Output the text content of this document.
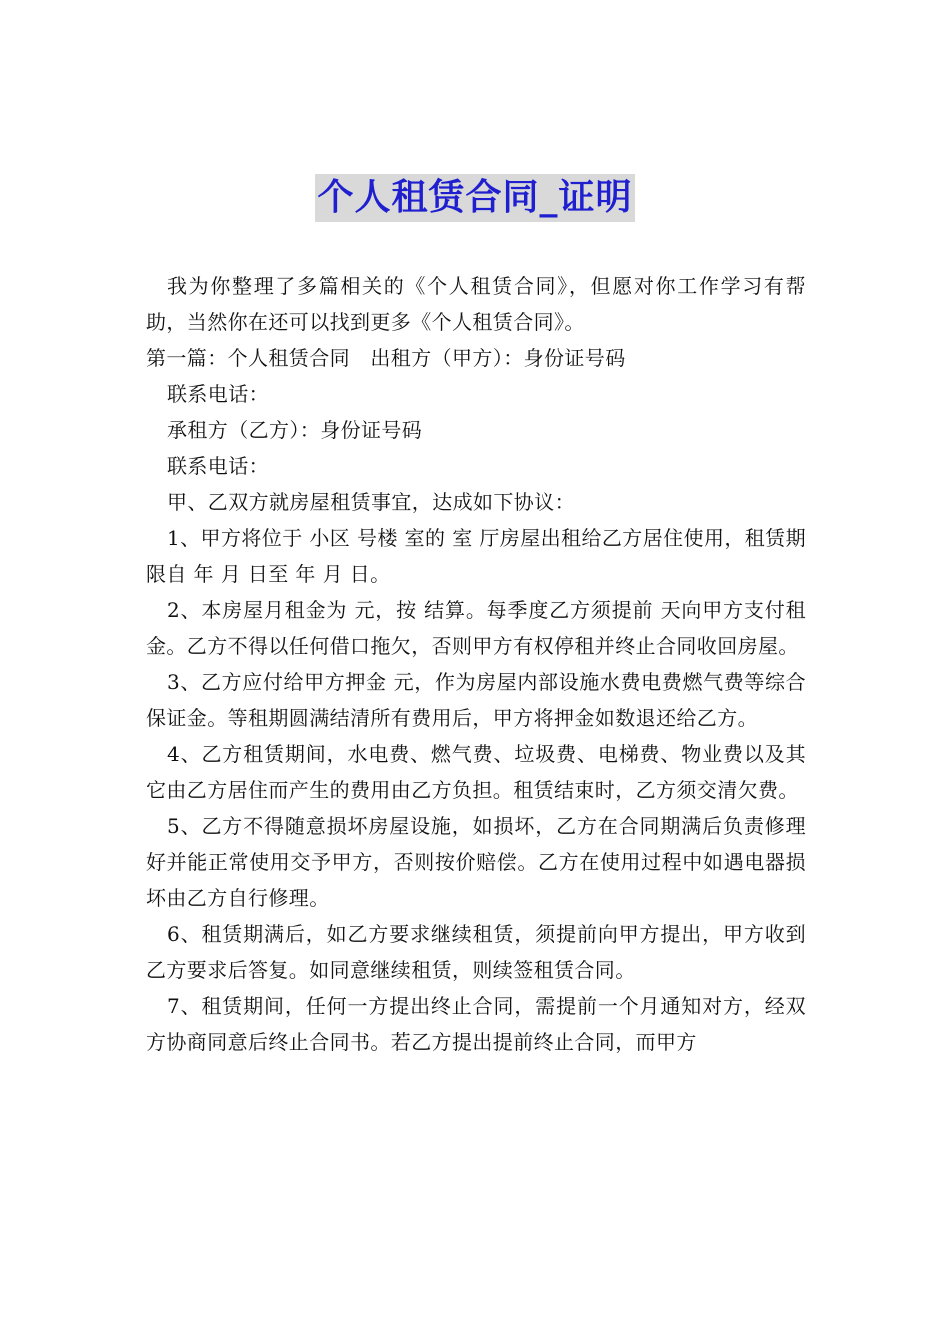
个人租赁合同_证明

我为你整理了多篇相关的《个人租赁合同》，但愿对你工作学习有帮助，当然你在还可以找到更多《个人租赁合同》。

第一篇：个人租赁合同　出租方（甲方）：身份证号码

联系电话：

承租方（乙方）：身份证号码

联系电话：

甲、乙双方就房屋租赁事宜，达成如下协议：

1、甲方将位于 小区 号楼 室的 室 厅房屋出租给乙方居住使用，租赁期限自 年 月 日至 年 月 日。

2、本房屋月租金为 元，按 结算。每季度乙方须提前 天向甲方支付租金。乙方不得以任何借口拖欠，否则甲方有权停租并终止合同收回房屋。

3、乙方应付给甲方押金 元，作为房屋内部设施水费电费燃气费等综合保证金。等租期圆满结清所有费用后，甲方将押金如数退还给乙方。

4、乙方租赁期间，水电费、燃气费、垃圾费、电梯费、物业费以及其它由乙方居住而产生的费用由乙方负担。租赁结束时，乙方须交清欠费。

5、乙方不得随意损坏房屋设施，如损坏，乙方在合同期满后负责修理好并能正常使用交予甲方，否则按价赔偿。乙方在使用过程中如遇电器损坏由乙方自行修理。

6、租赁期满后，如乙方要求继续租赁，须提前向甲方提出，甲方收到乙方要求后答复。如同意继续租赁，则续签租赁合同。

7、租赁期间，任何一方提出终止合同，需提前一个月通知对方，经双方协商同意后终止合同书。若乙方提出提前终止合同，而甲方
